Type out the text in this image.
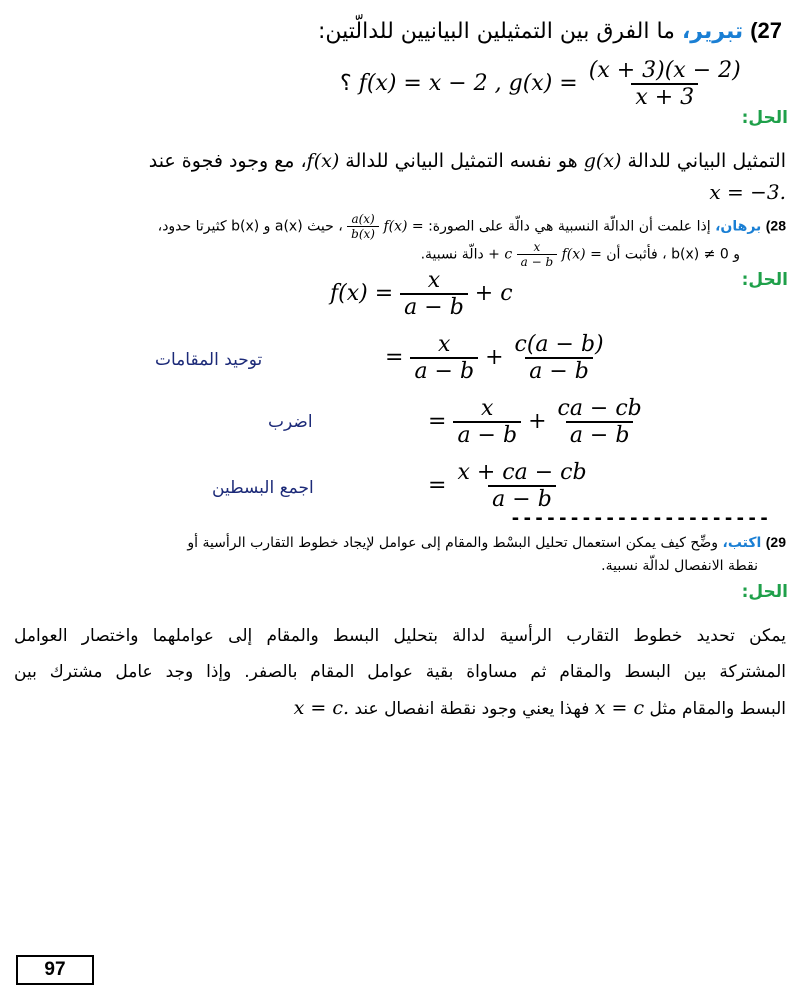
27) تبرير، ما الفرق بين التمثيلين البيانيين للدالّتين:
؟ f(x) = x − 2 , $g(x) = \frac{(x + 3)(x - 2)}{x + 3}$
الحل:
التمثيل البياني للدالة g(x) هو نفسه التمثيل البياني للدالة f(x)، مع وجود فجوة عند
.x = −3
28) برهان، إذا علمت أن الدالّة النسبية هي دالّة على الصورة: f(x) =
$\frac{a(x)}{b(x)}$
، حيث a(x) و b(x) كثيرتا حدود،
و b(x) ≠ 0 ، فأثبت أن f(x) =
$\frac{x}{a - b}$
+ c دالّة نسبية.
الحل:
$f(x) = \frac{x}{a - b} + c$
= $\frac{x}{a - b} + \frac{c(a - b)}{a - b}$
توحيد المقامات
= $\frac{x}{a - b} + \frac{ca - cb}{a - b}$
اضرب
= $\frac{x + ca - cb}{a - b}$
اجمع البسطين
----------------------
29) اكتب، وضِّح كيف يمكن استعمال تحليل البسْط والمقام إلى عوامل لإيجاد خطوط التقارب الرأسية أو
نقطة الانفصال لدالّة نسبية.
الحل:
يمكن تحديد خطوط التقارب الرأسية لدالة بتحليل البسط والمقام إلى عواملهما واختصار العوامل
المشتركة بين البسط والمقام ثم مساواة بقية عوامل المقام بالصفر. وإذا وجد عامل مشترك بين
البسط والمقام مثل x = c فهذا يعني وجود نقطة انفصال عند x = c.
97
